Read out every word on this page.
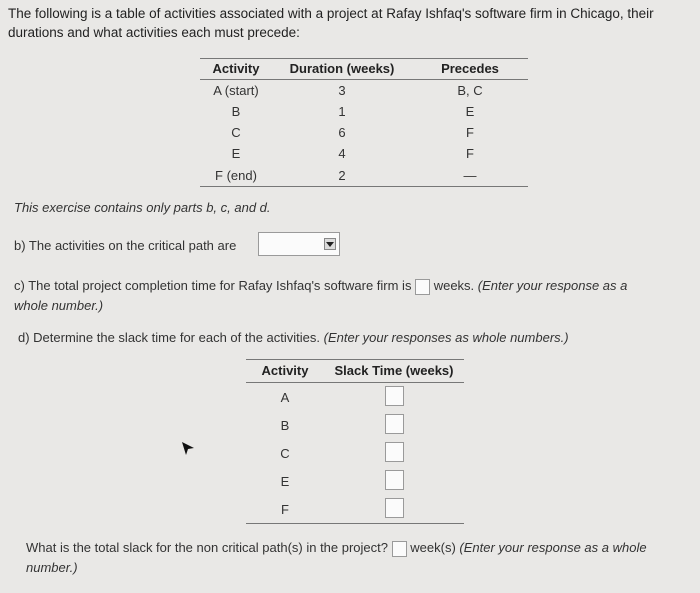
The following is a table of activities associated with a project at Rafay Ishfaq's software firm in Chicago, their durations and what activities each must precede:
Activity	Duration (weeks)	Precedes
A (start)	3	B, C
B	1	E
C	6	F
E	4	F
F (end)	2	—
This exercise contains only parts b, c, and d.
b) The activities on the critical path are
c) The total project completion time for Rafay Ishfaq's software firm is weeks. (Enter your response as a
whole number.)
d) Determine the slack time for each of the activities. (Enter your responses as whole numbers.)
Activity	Slack Time (weeks)
A	
B	
C	
E	
F	
What is the total slack for the non critical path(s) in the project? week(s) (Enter your response as a whole
number.)
